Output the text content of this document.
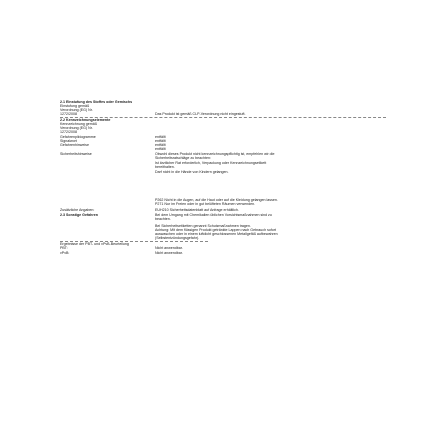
2.1 Einstufung des Stoffes oder Gemischs
Einstufung gemäß
Verordnung (EG) Nr.
1272/2008	Das Produkt ist gemäß CLP-Verordnung nicht eingestuft.
2.2 Kennzeichnungselemente
Kennzeichnung gemäß
Verordnung (EG) Nr.
1272/2008
Gefahrenpiktogramme	entfällt
Signalwort	entfällt
Gefahrenhinweise	entfällt
entfällt
Sicherheitshinweise	Obwohl dieses Produkt nicht kennzeichnungspflichtig ist, empfehlen wir die
Sicherheitsratschläge zu beachten:
Ist ärztlicher Rat erforderlich, Verpackung oder Kennzeichnungsetikett
bereithalten.
Darf nicht in die Hände von Kindern gelangen.
P262 Nicht in die Augen, auf die Haut oder auf die Kleidung gelangen lassen.
P271 Nur im Freien oder in gut belüfteten Räumen verwenden.
Zusätzliche Angaben:	EUH210 Sicherheitsdatenblatt auf Anfrage erhältlich.
2.3 Sonstige Gefahren	Bei dem Umgang mit Chemikalien üblichen Vorsichtsmaßnahmen sind zu
beachten.
Bei Sicherheitsetiketten genannt Schutzmaßnahmen tragen.
Achtung: Mit dem flüssigen Produkt getränkte Lappen nach Gebrauch sofort
auswaschen oder in einem luftdicht geschlossenen Metallgefäß aufbewahren
(Selbstentzündungsgefahr).
Ergebnisse der PBT- und vPvB-Beurteilung
PBT:	Nicht anwendbar.
vPvB:	Nicht anwendbar.
